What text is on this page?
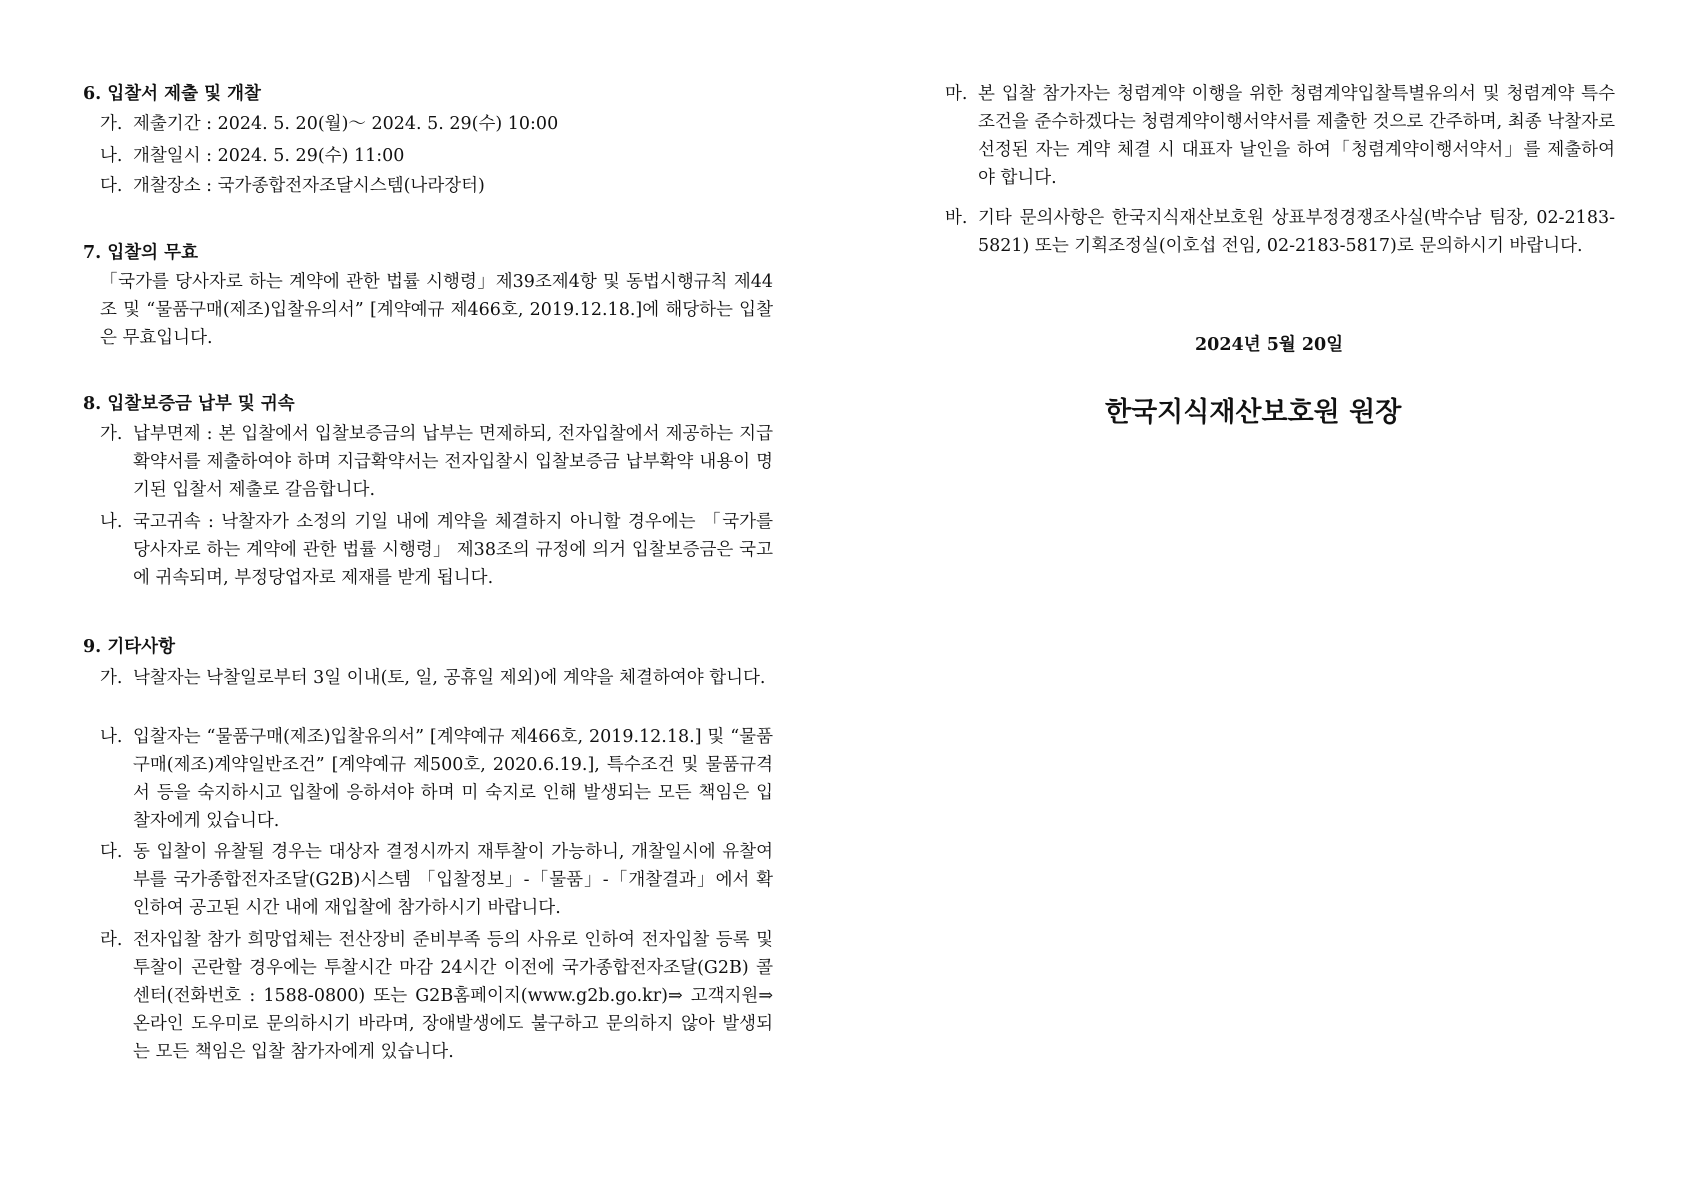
6. 입찰서 제출 및 개찰
가. 제출기간 : 2024. 5. 20(월)～ 2024. 5. 29(수) 10:00
나. 개찰일시 : 2024. 5. 29(수) 11:00
다. 개찰장소 : 국가종합전자조달시스템(나라장터)
7. 입찰의 무효
「국가를 당사자로 하는 계약에 관한 법률 시행령」제39조제4항 및 동법시행규칙 제44조 및 “물품구매(제조)입찰유의서” [계약예규 제466호, 2019.12.18.]에 해당하는 입찰은 무효입니다.
8. 입찰보증금 납부 및 귀속
가. 납부면제 : 본 입찰에서 입찰보증금의 납부는 면제하되, 전자입찰에서 제공하는 지급확약서를 제출하여야 하며 지급확약서는 전자입찰시 입찰보증금 납부확약 내용이 명기된 입찰서 제출로 갈음합니다.
나. 국고귀속 : 낙찰자가 소정의 기일 내에 계약을 체결하지 아니할 경우에는 「국가를 당사자로 하는 계약에 관한 법률 시행령」 제38조의 규정에 의거 입찰보증금은 국고에 귀속되며, 부정당업자로 제재를 받게 됩니다.
9. 기타사항
가. 낙찰자는 낙찰일로부터 3일 이내(토, 일, 공휴일 제외)에 계약을 체결하여야 합니다.
나. 입찰자는 “물품구매(제조)입찰유의서” [계약예규 제466호, 2019.12.18.] 및 “물품구매(제조)계약일반조건” [계약예규 제500호, 2020.6.19.], 특수조건 및 물품규격서 등을 숙지하시고 입찰에 응하셔야 하며 미 숙지로 인해 발생되는 모든 책임은 입찰자에게 있습니다.
다. 동 입찰이 유찰될 경우는 대상자 결정시까지 재투찰이 가능하니, 개찰일시에 유찰여부를 국가종합전자조달(G2B)시스템 「입찰정보」-「물품」-「개찰결과」에서 확인하여 공고된 시간 내에 재입찰에 참가하시기 바랍니다.
라. 전자입찰 참가 희망업체는 전산장비 준비부족 등의 사유로 인하여 전자입찰 등록 및 투찰이 곤란할 경우에는 투찰시간 마감 24시간 이전에 국가종합전자조달(G2B) 콜센터(전화번호 : 1588-0800) 또는 G2B홈페이지(www.g2b.go.kr)⇒ 고객지원⇒온라인 도우미로 문의하시기 바라며, 장애발생에도 불구하고 문의하지 않아 발생되는 모든 책임은 입찰 참가자에게 있습니다.
마. 본 입찰 참가자는 청렴계약 이행을 위한 청렴계약입찰특별유의서 및 청렴계약 특수조건을 준수하겠다는 청렴계약이행서약서를 제출한 것으로 간주하며, 최종 낙찰자로 선정된 자는 계약 체결 시 대표자 날인을 하여「청렴계약이행서약서」를 제출하여야 합니다.
바. 기타 문의사항은 한국지식재산보호원 상표부정경쟁조사실(박수남 팀장, 02-2183-5821) 또는 기획조정실(이호섭 전임, 02-2183-5817)로 문의하시기 바랍니다.
2024년 5월 20일
한국지식재산보호원 원장
